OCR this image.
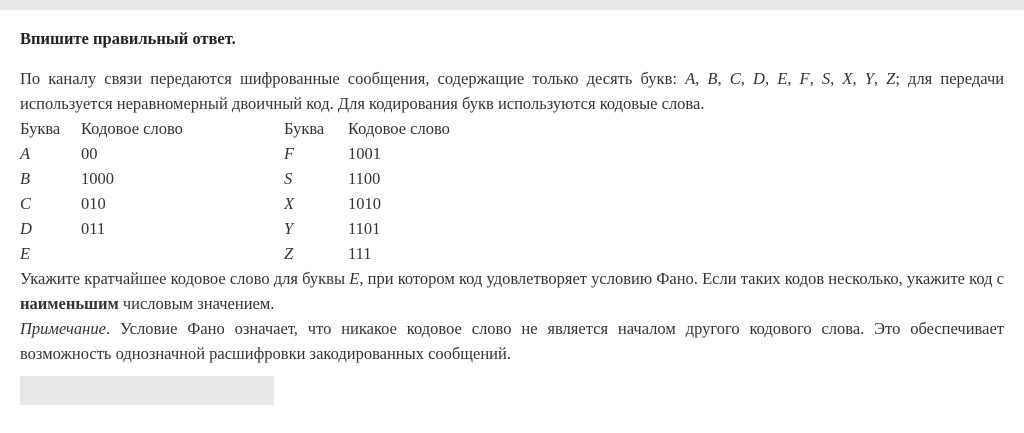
Впишите правильный ответ.

По каналу связи передаются шифрованные сообщения, содержащие только десять букв: A, B, C, D, E, F, S, X, Y, Z; для передачи используется неравномерный двоичный код. Для кодирования букв используются кодовые слова.

Буква	Кодовое слово	Буква	Кодовое слово
A	00	F	1001
B	1000	S	1100
C	010	X	1010
D	011	Y	1101
E		Z	111

Укажите кратчайшее кодовое слово для буквы E, при котором код удовлетворяет условию Фано. Если таких кодов несколько, укажите код с наименьшим числовым значением.

Примечание. Условие Фано означает, что никакое кодовое слово не является началом другого кодового слова. Это обеспечивает возможность однозначной расшифровки закодированных сообщений.
